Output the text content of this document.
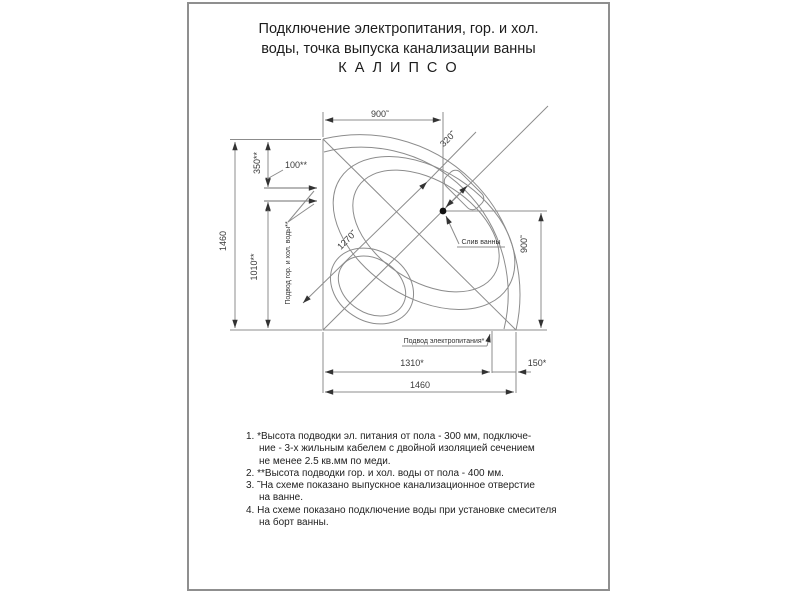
Подключение электропитания, гор. и хол.
воды, точка выпуска канализации ванны
К А Л И П С О
900˜
320˜
1270˜	900˜
1460
350**
1010**
100**
1310*	150*
1460
Подвод гор. и хол. воды**
Подвод электропитания*
Слив ванны
1. *Высота подводки эл. питания от пола - 300 мм, подключе-
ние - 3-х жильным кабелем с двойной изоляцией сечением
не менее 2.5 кв.мм по меди.
2. **Высота подводки гор. и хол. воды от пола - 400 мм.
3. ˜На схеме показано выпускное канализационное отверстие
на ванне.
4. На схеме показано подключение воды при установке смесителя
на борт ванны.
